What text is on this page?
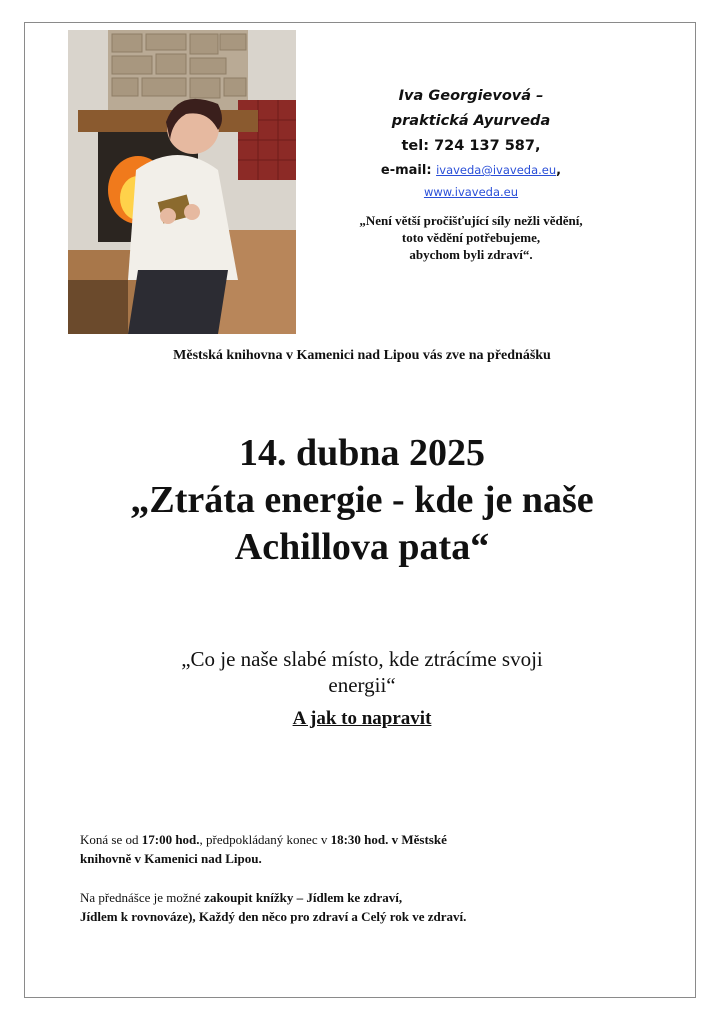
Iva Georgievová –
praktická Ayurveda
tel: 724 137 587,
e-mail: ivaveda@ivaveda.eu,
www.ivaveda.eu
„Není větší pročišťující síly nežli vědění,
toto vědění potřebujeme,
abychom byli zdraví“.
Městská knihovna v Kamenici nad Lipou vás zve na přednášku
14. dubna 2025
„Ztráta energie - kde je naše
Achillova pata“
„Co je naše slabé místo, kde ztrácíme svoji
energii“
A jak to napravit
Koná se od 17:00 hod., předpokládaný konec v 18:30 hod. v Městské
knihovně v Kamenici nad Lipou.
Na přednášce je možné zakoupit knížky – Jídlem ke zdraví,
Jídlem k rovnováze), Každý den něco pro zdraví a Celý rok ve zdraví.
